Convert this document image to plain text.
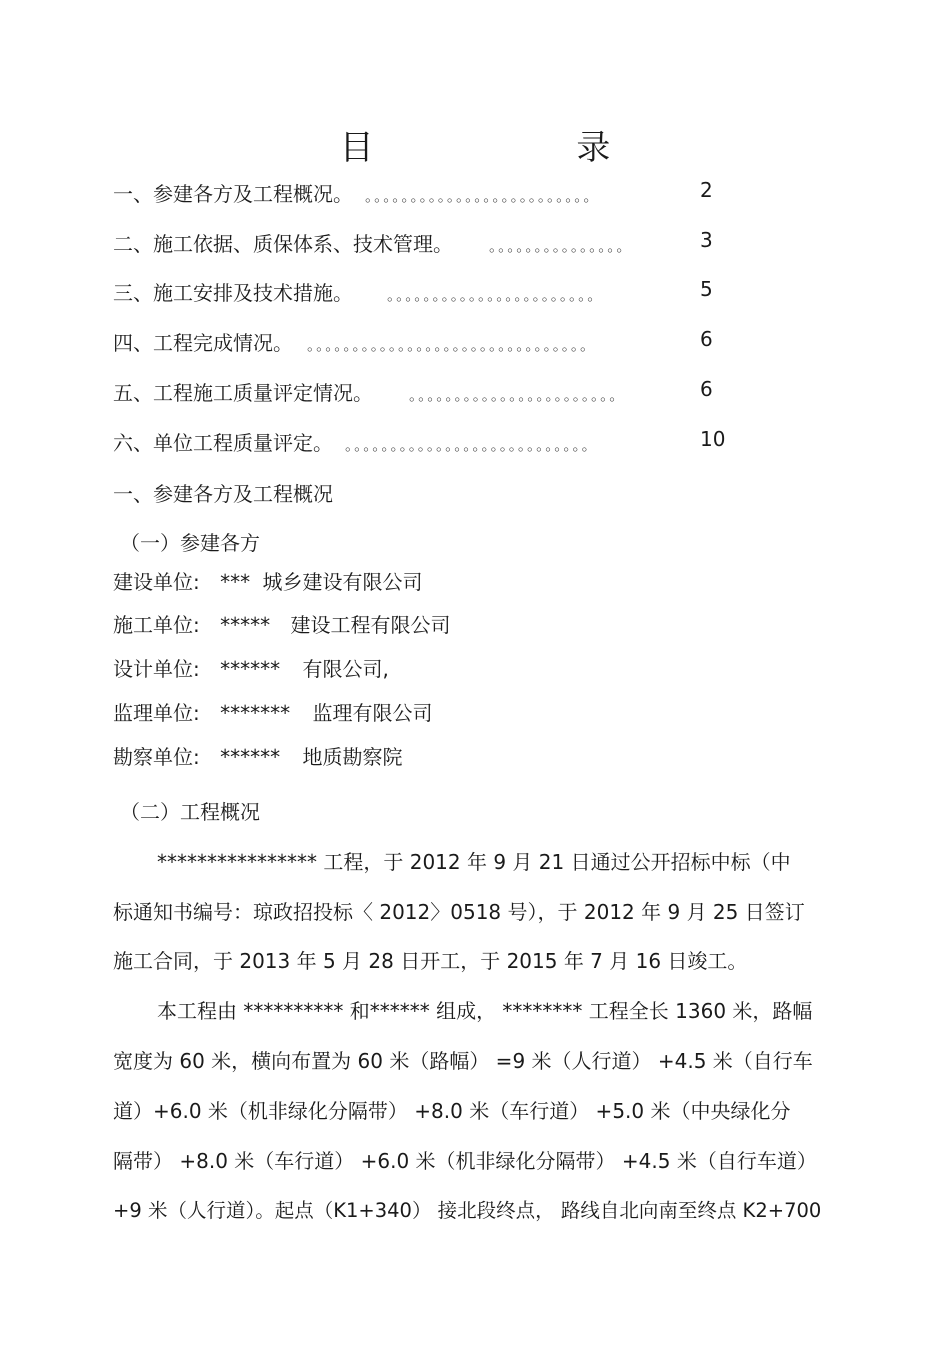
目 录
一、参建各方及工程概况。 。。。。。。。。。。。。。。。。。。。。。。。。。	2
二、施工依据、质保体系、技术管理。 。。。。。。。。。。。。。。。	3
三、施工安排及技术措施。 。。。。。。。。。。。。。。。。。。。。。。。	5
四、工程完成情况。 。。。。。。。。。。。。。。。。。。。。。。。。。。。。。。。	6
五、工程施工质量评定情况。 。。。。。。。。。。。。。。。。。。。。。。。	6
六、单位工程质量评定。 。。。。。。。。。。。。。。。。。。。。。。。。。。。	10
一、参建各方及工程概况
（一）参建各方
建设单位: *** 城乡建设有限公司
施工单位: ***** 建设工程有限公司
设计单位: ****** 有限公司,
监理单位: ******* 监理有限公司
勘察单位: ****** 地质勘察院
（二）工程概况
**************** 工程，于 2012 年 9 月 21 日通过公开招标中标（中
标通知书编号：琼政招投标〈 2012〉0518 号），于 2012 年 9 月 25 日签订
施工合同，于 2013 年 5 月 28 日开工，于 2015 年 7 月 16 日竣工。
本工程由 ********** 和****** 组成， ******** 工程全长 1360 米，路幅
宽度为 60 米，横向布置为 60 米（路幅） =9 米（人行道） +4.5 米（自行车
道）+6.0 米（机非绿化分隔带） +8.0 米（车行道） +5.0 米（中央绿化分
隔带） +8.0 米（车行道） +6.0 米（机非绿化分隔带） +4.5 米（自行车道）
+9 米（人行道）。起点（K1+340） 接北段终点， 路线自北向南至终点 K2+700
